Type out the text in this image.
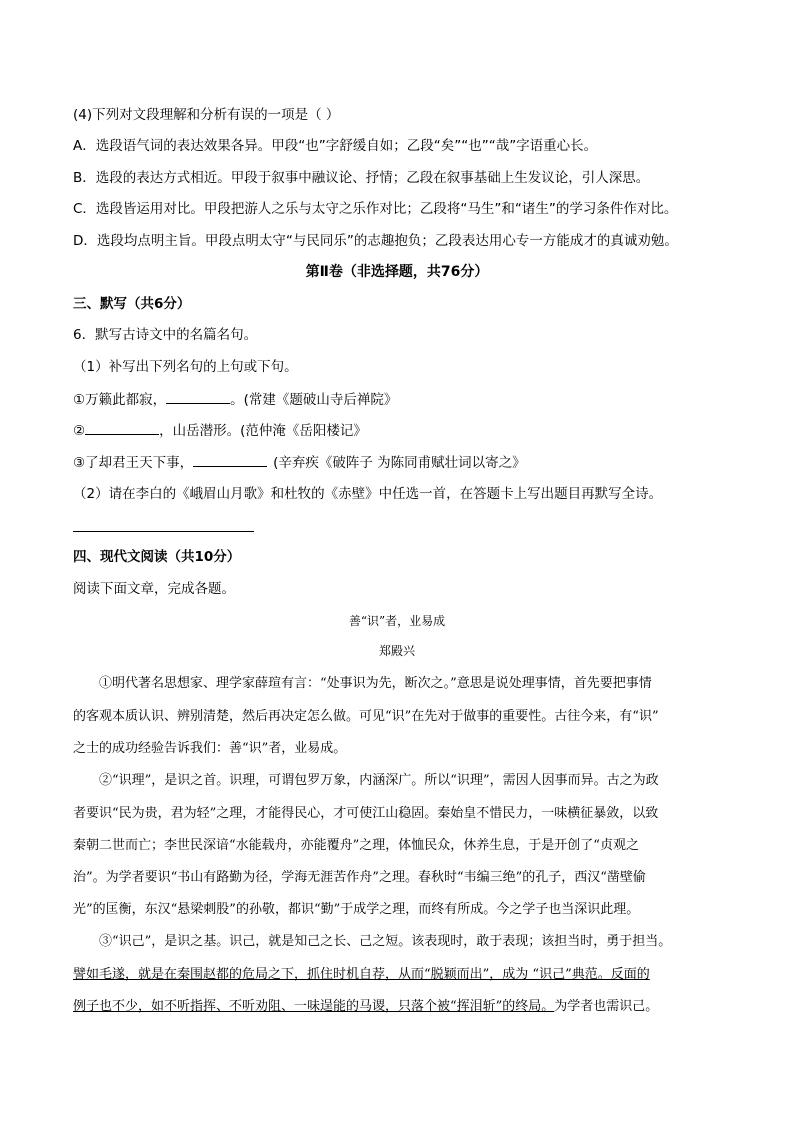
(4)下列对文段理解和分析有误的一项是（ ）
A．选段语气词的表达效果各异。甲段“也”字舒缓自如；乙段“矣”“也”“哉”字语重心长。
B．选段的表达方式相近。甲段于叙事中融议论、抒情；乙段在叙事基础上生发议论，引人深思。
C．选段皆运用对比。甲段把游人之乐与太守之乐作对比；乙段将“马生”和“诸生”的学习条件作对比。
D．选段均点明主旨。甲段点明太守“与民同乐”的志趣抱负；乙段表达用心专一方能成才的真诚劝勉。
第Ⅱ卷（非选择题，共76分）
三、默写（共6分）
6．默写古诗文中的名篇名句。
（1）补写出下列名句的上句或下句。
①万籁此都寂，	。(常建《题破山寺后禅院》
②	，山岳潜形。(范仲淹《岳阳楼记》
③了却君王天下事，	(辛弃疾《破阵子 为陈同甫赋壮词以寄之》
（2）请在李白的《峨眉山月歌》和杜牧的《赤壁》中任选一首，在答题卡上写出题目再默写全诗。
四、现代文阅读（共10分）
阅读下面文章，完成各题。
善“识”者，业易成
郑殿兴
①明代著名思想家、理学家薛瑄有言：“处事识为先，断次之。”意思是说处理事情，首先要把事情
的客观本质认识、辨别清楚，然后再决定怎么做。可见“识”在先对于做事的重要性。古往今来，有“识”
之士的成功经验告诉我们：善“识”者，业易成。
②“识理”，是识之首。识理，可谓包罗万象，内涵深广。所以“识理”，需因人因事而异。古之为政
者要识“民为贵，君为轻”之理，才能得民心，才可使江山稳固。秦始皇不惜民力，一味横征暴敛，以致
秦朝二世而亡；李世民深谙“水能载舟，亦能覆舟”之理，体恤民众，休养生息，于是开创了“贞观之
治”。为学者要识“书山有路勤为径，学海无涯苦作舟”之理。春秋时“韦编三绝”的孔子，西汉“凿壁偷
光”的匡衡，东汉“悬梁刺股”的孙敬，都识“勤”于成学之理，而终有所成。今之学子也当深识此理。
③“识己”，是识之基。识己，就是知己之长、己之短。该表现时，敢于表现；该担当时，勇于担当。
譬如毛遂，就是在秦围赵都的危局之下，抓住时机自荐，从而“脱颖而出”，成为 “识己”典范。反面的
例子也不少，如不听指挥、不听劝阻、一味逞能的马谡，只落个被“挥泪斩”的终局。为学者也需识己。
